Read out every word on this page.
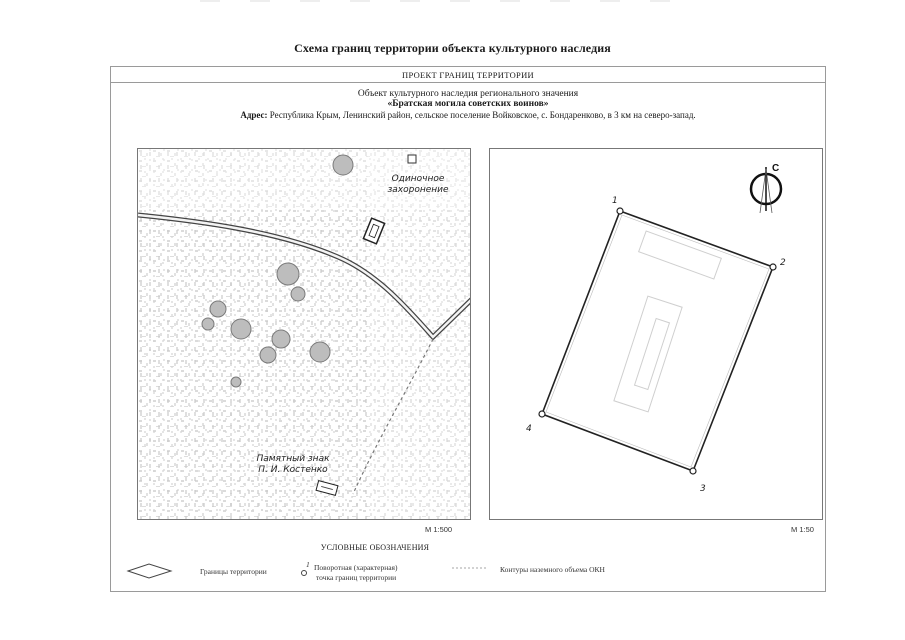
Схема границ территории объекта культурного наследия
ПРОЕКТ ГРАНИЦ ТЕРРИТОРИИ
Объект культурного наследия регионального значения
«Братская могила советских воинов»
Адрес: Республика Крым, Ленинский район, сельское поселение Войковское, с. Бондаренково, в 3 км на северо-запад.
Одиночное
захоронение
Памятный знак
П. И. Костенко
М 1:500
С
1
2
3
4
М 1:50
УСЛОВНЫЕ ОБОЗНАЧЕНИЯ
Границы территории
1 Поворотная (характерная)
точка границ территории
Контуры наземного объема ОКН
